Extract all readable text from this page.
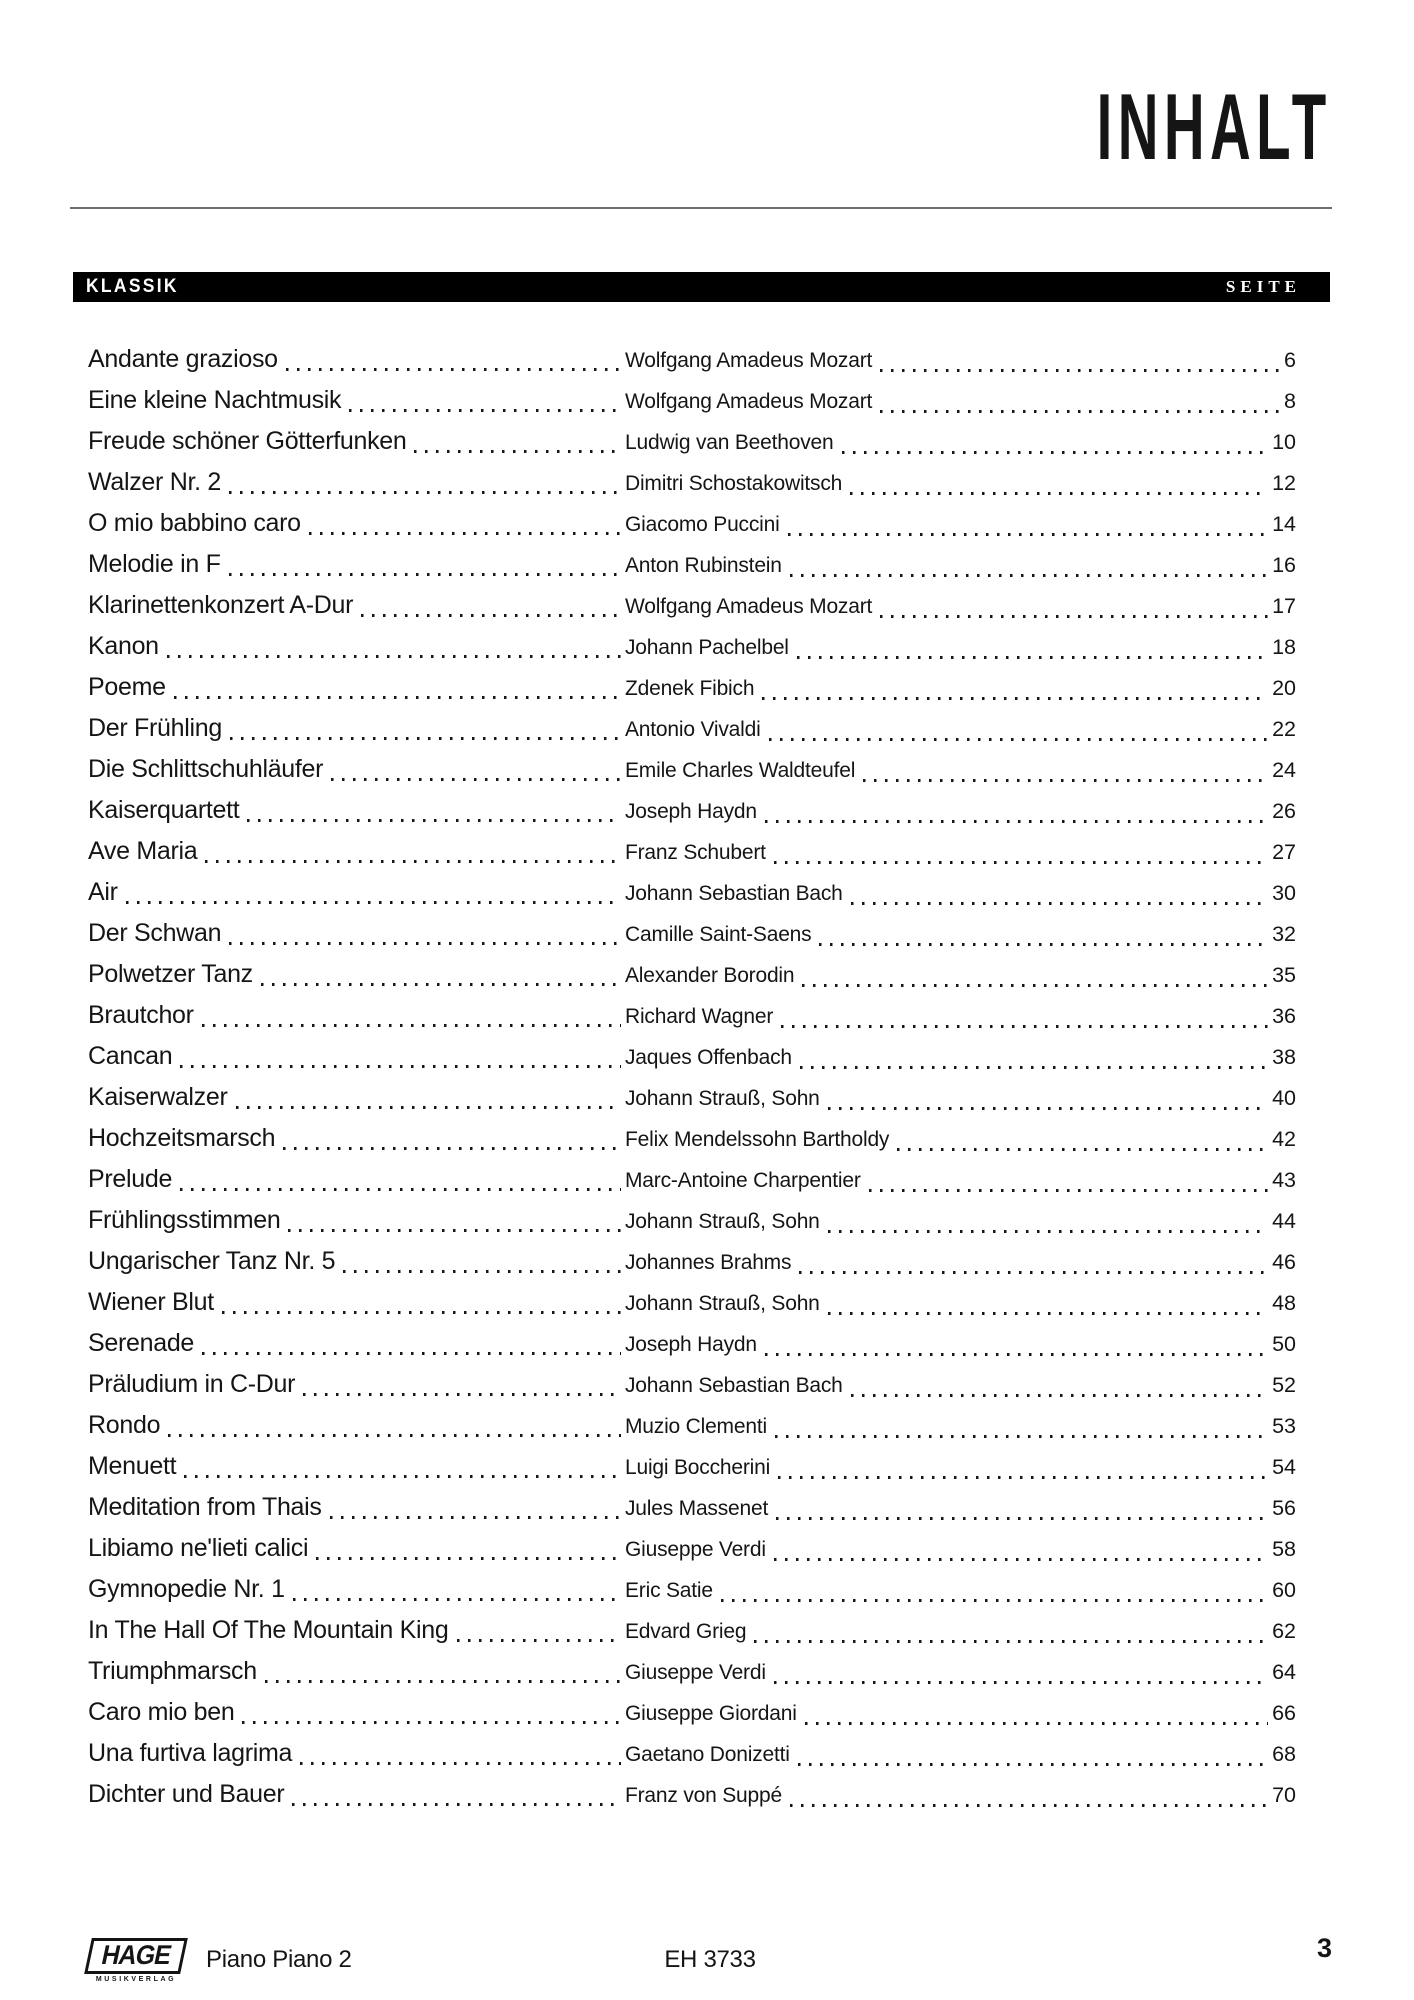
INHALT
KLASSIK	SEITE
Andante grazioso	Wolfgang Amadeus Mozart	6
Eine kleine Nachtmusik	Wolfgang Amadeus Mozart	8
Freude schöner Götterfunken	Ludwig van Beethoven	10
Walzer Nr. 2	Dimitri Schostakowitsch	12
O mio babbino caro	Giacomo Puccini	14
Melodie in F	Anton Rubinstein	16
Klarinettenkonzert A-Dur	Wolfgang Amadeus Mozart	17
Kanon	Johann Pachelbel	18
Poeme	Zdenek Fibich	20
Der Frühling	Antonio Vivaldi	22
Die Schlittschuhläufer	Emile Charles Waldteufel	24
Kaiserquartett	Joseph Haydn	26
Ave Maria	Franz Schubert	27
Air	Johann Sebastian Bach	30
Der Schwan	Camille Saint-Saens	32
Polwetzer Tanz	Alexander Borodin	35
Brautchor	Richard Wagner	36
Cancan	Jaques Offenbach	38
Kaiserwalzer	Johann Strauß, Sohn	40
Hochzeitsmarsch	Felix Mendelssohn Bartholdy	42
Prelude	Marc-Antoine Charpentier	43
Frühlingsstimmen	Johann Strauß, Sohn	44
Ungarischer Tanz Nr. 5	Johannes Brahms	46
Wiener Blut	Johann Strauß, Sohn	48
Serenade	Joseph Haydn	50
Präludium in C-Dur	Johann Sebastian Bach	52
Rondo	Muzio Clementi	53
Menuett	Luigi Boccherini	54
Meditation from Thais	Jules Massenet	56
Libiamo ne'lieti calici	Giuseppe Verdi	58
Gymnopedie Nr. 1	Eric Satie	60
In The Hall Of The Mountain King	Edvard Grieg	62
Triumphmarsch	Giuseppe Verdi	64
Caro mio ben	Giuseppe Giordani	66
Una furtiva lagrima	Gaetano Donizetti	68
Dichter und Bauer	Franz von Suppé	70
HAGE
MUSIKVERLAG
Piano Piano 2	EH 3733	3
